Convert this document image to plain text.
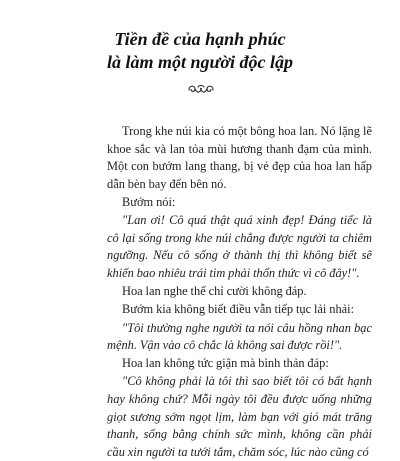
Tiền đề của hạnh phúc
là làm một người độc lập

Trong khe núi kia có một bông hoa lan. Nó lặng lẽ khoe sắc và lan tỏa mùi hương thanh đạm của mình. Một con bướm lang thang, bị vẻ đẹp của hoa lan hấp dẫn bèn bay đến bên nó.

Bướm nói:

"Lan ơi! Cô quá thật quá xinh đẹp! Đáng tiếc là cô lại sống trong khe núi chẳng được người ta chiêm ngưỡng. Nếu cô sống ở thành thị thì không biết sẽ khiến bao nhiêu trái tim phải thổn thức vì cô đây!".

Hoa lan nghe thế chỉ cười không đáp.

Bướm kia không biết điều vẫn tiếp tục lải nhải:

"Tôi thường nghe người ta nói câu hồng nhan bạc mệnh. Vận vào cô chắc là không sai được rồi!".

Hoa lan không tức giận mà bình thản đáp:

"Cô không phải là tôi thì sao biết tôi có bất hạnh hay không chứ? Mỗi ngày tôi đều được uống những giọt sương sớm ngọt lịm, làm bạn với gió mát trăng thanh, sống bằng chính sức mình, không cần phải cầu xin người ta tưới tắm, chăm sóc, lúc nào cũng có
